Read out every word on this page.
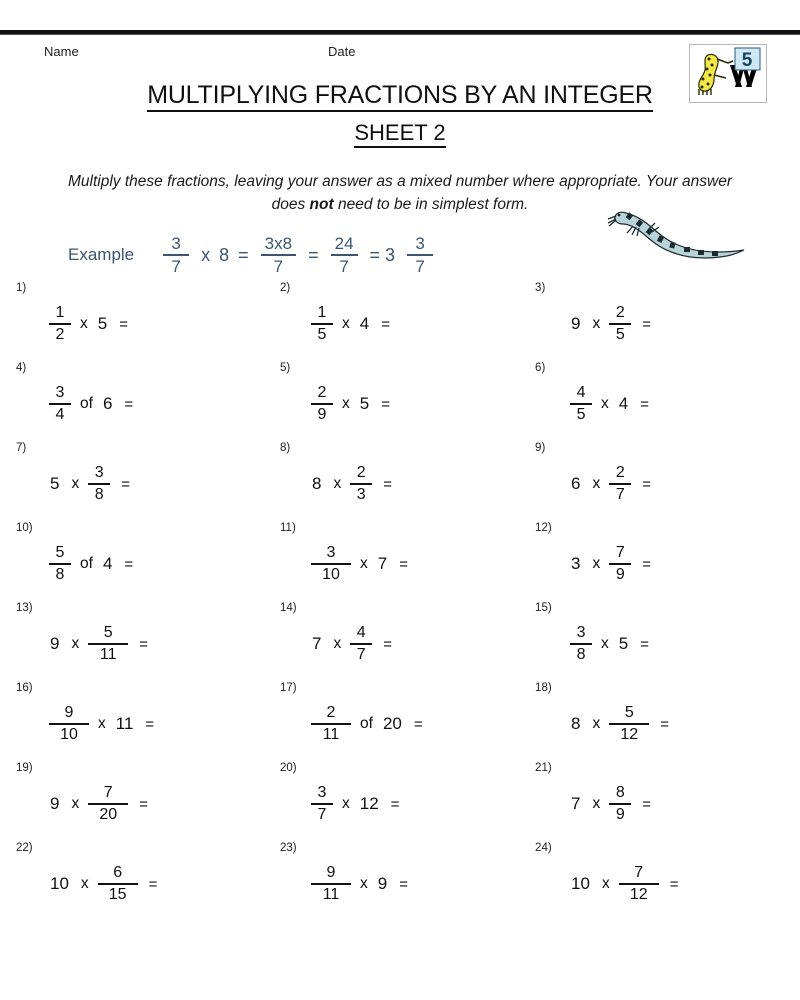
Name	Date	5
MULTIPLYING FRACTIONS BY AN INTEGER
SHEET 2
Multiply these fractions, leaving your answer as a mixed number where appropriate. Your answer does not need to be in simplest form.
Example $\frac{3}{7}$ x $8 = \frac{3x8}{7} = \frac{24}{7} = 3 \frac{3}{7}$
1)
$\frac{1}{2}$ x 5 =
2)
$\frac{1}{5}$ x 4 =
3)
9 x $\frac{2}{5}$ =
4)
$\frac{3}{4}$ of 6 =
5)
$\frac{2}{9}$ x 5 =
6)
$\frac{4}{5}$ x 4 =
7)
5 x $\frac{3}{8}$ =
8)
8 x $\frac{2}{3}$ =
9)
6 x $\frac{2}{7}$ =
10)
$\frac{5}{8}$ of 4 =
11)
$\frac{3}{10}$ x 7 =
12)
3 x $\frac{7}{9}$ =
13)
9 x $\frac{5}{11}$ =
14)
7 x $\frac{4}{7}$ =
15)
$\frac{3}{8}$ x 5 =
16)
$\frac{9}{10}$ x 11 =
17)
$\frac{2}{11}$ of 20 =
18)
8 x $\frac{5}{12}$ =
19)
9 x $\frac{7}{20}$ =
20)
$\frac{3}{7}$ x 12 =
21)
7 x $\frac{8}{9}$ =
22)
10 x $\frac{6}{15}$ =
23)
$\frac{9}{11}$ x 9 =
24)
10 x $\frac{7}{12}$ =
